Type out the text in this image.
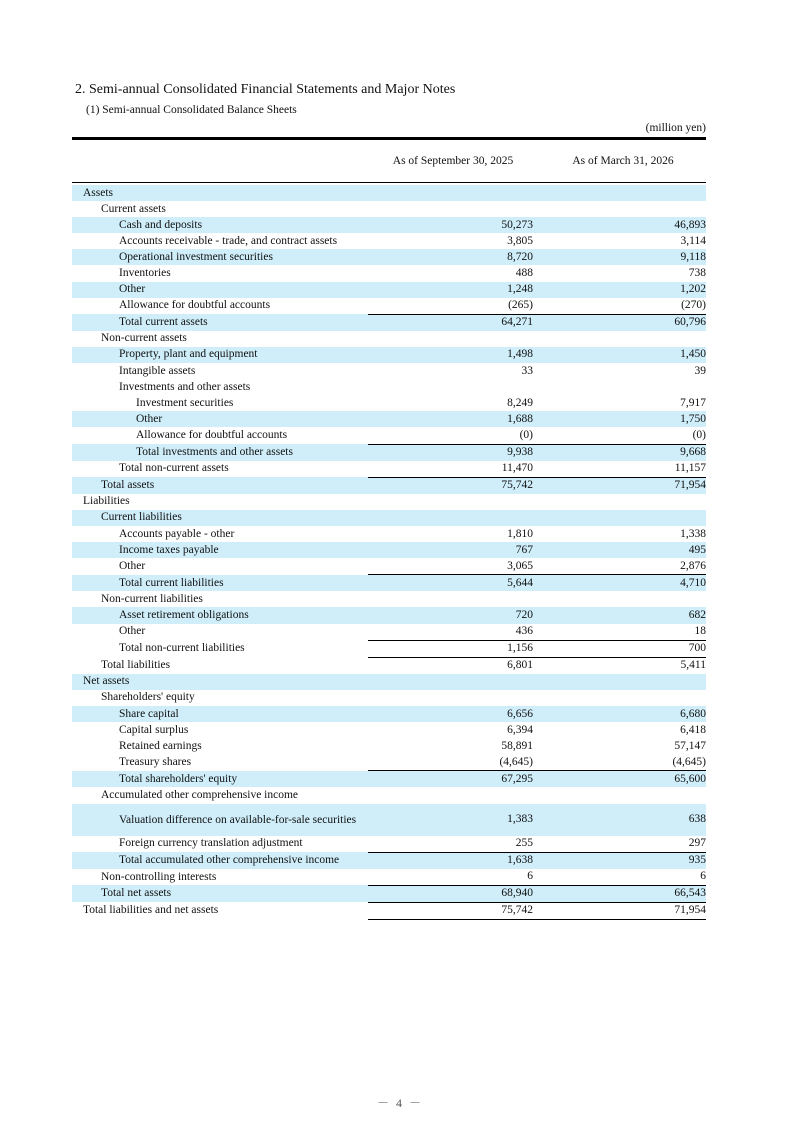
2. Semi-annual Consolidated Financial Statements and Major Notes
(1) Semi-annual Consolidated Balance Sheets
(million yen)
As of September 30, 2025	As of March 31, 2026
Assets		
Current assets		
Cash and deposits	50,273	46,893
Accounts receivable - trade, and contract assets	3,805	3,114
Operational investment securities	8,720	9,118
Inventories	488	738
Other	1,248	1,202
Allowance for doubtful accounts	(265)	(270)
Total current assets	64,271	60,796
Non-current assets		
Property, plant and equipment	1,498	1,450
Intangible assets	33	39
Investments and other assets		
Investment securities	8,249	7,917
Other	1,688	1,750
Allowance for doubtful accounts	(0)	(0)
Total investments and other assets	9,938	9,668
Total non-current assets	11,470	11,157
Total assets	75,742	71,954
Liabilities		
Current liabilities		
Accounts payable - other	1,810	1,338
Income taxes payable	767	495
Other	3,065	2,876
Total current liabilities	5,644	4,710
Non-current liabilities		
Asset retirement obligations	720	682
Other	436	18
Total non-current liabilities	1,156	700
Total liabilities	6,801	5,411
Net assets		
Shareholders' equity		
Share capital	6,656	6,680
Capital surplus	6,394	6,418
Retained earnings	58,891	57,147
Treasury shares	(4,645)	(4,645)
Total shareholders' equity	67,295	65,600
Accumulated other comprehensive income		
Valuation difference on available-for-sale securities	1,383	638
Foreign currency translation adjustment	255	297
Total accumulated other comprehensive income	1,638	935
Non-controlling interests	6	6
Total net assets	68,940	66,543
Total liabilities and net assets	75,742	71,954
－ 4 －
